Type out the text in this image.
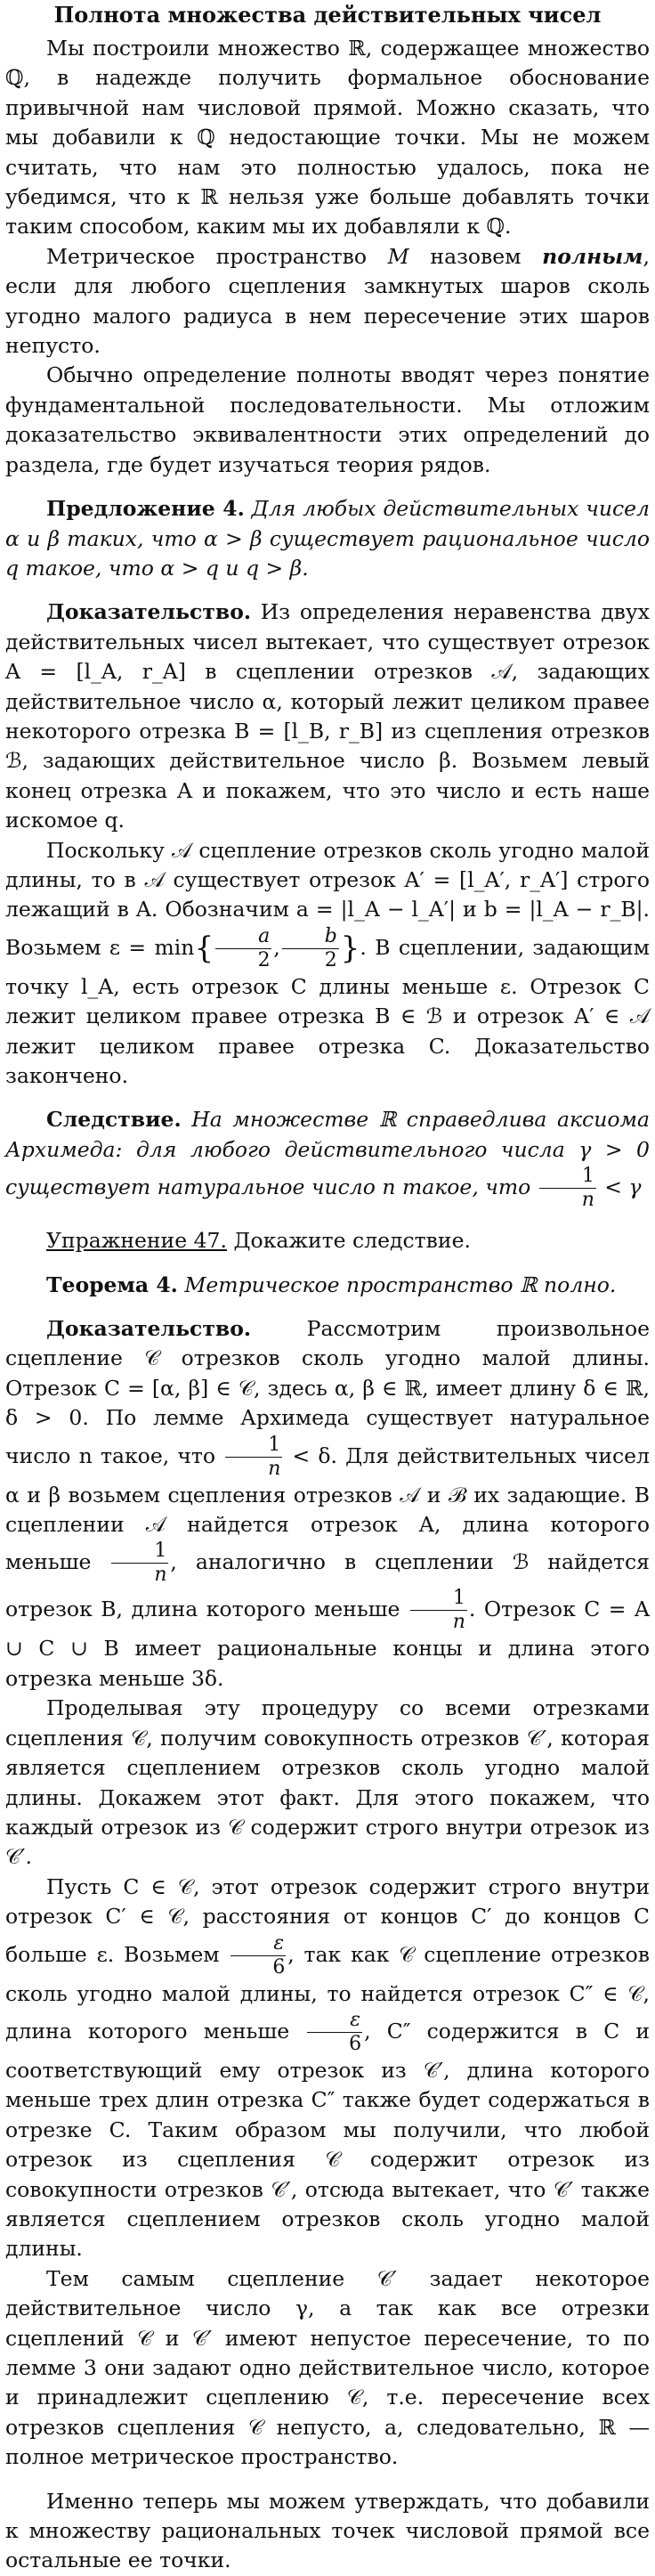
Полнота множества действительных чисел

Мы построили множество ℝ, содержащее множество ℚ, в надежде получить формальное обоснование привычной нам числовой прямой. Можно сказать, что мы добавили к ℚ недостающие точки. Мы не можем считать, что нам это полностью удалось, пока не убедимся, что к ℝ нельзя уже больше добавлять точки таким способом, каким мы их добавляли к ℚ.

Метрическое пространство M назовем полным, если для любого сцепления замкнутых шаров сколь угодно малого радиуса в нем пересечение этих шаров непусто.

Обычно определение полноты вводят через понятие фундаментальной последовательности. Мы отложим доказательство эквивалентности этих определений до раздела, где будет изучаться теория рядов.

Предложение 4. Для любых действительных чисел α и β таких, что α > β существует рациональное число q такое, что α > q и q > β.

Доказательство. Из определения неравенства двух действительных чисел вытекает, что существует отрезок A = [l_A, r_A] в сцеплении отрезков 𝒜, задающих действительное число α, который лежит целиком правее некоторого отрезка B = [l_B, r_B] из сцепления отрезков ℬ, задающих действительное число β. Возьмем левый конец отрезка A и покажем, что это число и есть наше искомое q.

Поскольку 𝒜 сцепление отрезков сколь угодно малой длины, то в 𝒜 существует отрезок A′ = [l_A′, r_A′] строго лежащий в A. Обозначим a = |l_A − l_A′| и b = |l_A − r_B|. Возьмем $\varepsilon = \min\{ \frac{a}{2}$ , $\frac{b}{2}$ }. В сцеплении, задающим точку l_A, есть отрезок C длины меньше ε. Отрезок C лежит целиком правее отрезка B ∈ ℬ и отрезок A′ ∈ 𝒜 лежит целиком правее отрезка C. Доказательство закончено.

Следствие. На множестве ℝ справедлива аксиома Архимеда: для любого действительного числа γ > 0 существует натуральное число n такое, что $\frac{1}{n} < \gamma$

Упражнение 47. Докажите следствие.

Теорема 4. Метрическое пространство ℝ полно.

Доказательство. Рассмотрим произвольное сцепление 𝒞 отрезков сколь угодно малой длины. Отрезок C = [α, β] ∈ 𝒞, здесь α, β ∈ ℝ, имеет длину δ ∈ ℝ, δ > 0. По лемме Архимеда существует натуральное число n такое, что $\frac{1}{n} < \delta$. Для действительных чисел α и β возьмем сцепления отрезков 𝒜 и ℬ их задающие. В сцеплении 𝒜 найдется отрезок A, длина которого меньше $\frac{1}{n}$ , аналогично в сцеплении ℬ найдется отрезок B, длина которого меньше $\frac{1}{n}$ . Отрезок C = A ∪ C ∪ B имеет рациональные концы и длина этого отрезка меньше 3δ.

Проделывая эту процедуру со всеми отрезками сцепления 𝒞, получим совокупность отрезков 𝒞′, которая является сцеплением отрезков сколь угодно малой длины. Докажем этот факт. Для этого покажем, что каждый отрезок из 𝒞 содержит строго внутри отрезок из 𝒞′.

Пусть C ∈ 𝒞, этот отрезок содержит строго внутри отрезок C′ ∈ 𝒞, расстояния от концов C′ до концов C больше ε. Возьмем $\frac{\varepsilon}{6}$ , так как 𝒞 сцепление отрезков сколь угодно малой длины, то найдется отрезок C″ ∈ 𝒞, длина которого меньше $\frac{\varepsilon}{6}$ , C″ содержится в C и соответствующий ему отрезок из 𝒞′, длина которого меньше трех длин отрезка C″ также будет содержаться в отрезке C. Таким образом мы получили, что любой отрезок из сцепления 𝒞 содержит отрезок из совокупности отрезков 𝒞′, отсюда вытекает, что 𝒞′ также является сцеплением отрезков сколь угодно малой длины.

Тем самым сцепление 𝒞′ задает некоторое действительное число γ, а так как все отрезки сцеплений 𝒞 и 𝒞′ имеют непустое пересечение, то по лемме 3 они задают одно действительное число, которое и принадлежит сцеплению 𝒞, т.е. пересечение всех отрезков сцепления 𝒞 непусто, а, следовательно, ℝ — полное метрическое пространство.

Именно теперь мы можем утверждать, что добавили к множеству рациональных точек числовой прямой все остальные ее точки.
